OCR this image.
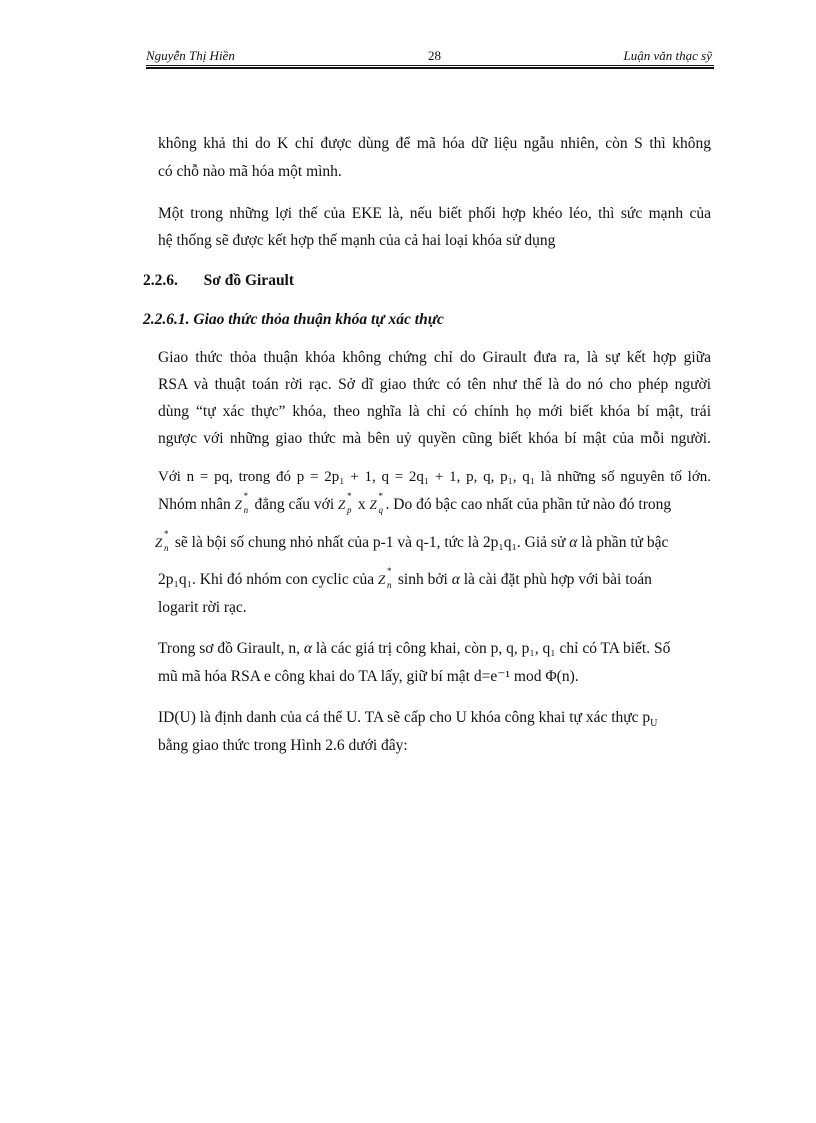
Nguyễn Thị Hiền	28	Luận văn thạc sỹ
không khả thi do K chỉ được dùng để mã hóa dữ liệu ngẫu nhiên, còn S thì không
có chỗ nào mã hóa một mình.
Một trong những lợi thế của EKE là, nếu biết phối hợp khéo léo, thì sức mạnh của
hệ thống sẽ được kết hợp thế mạnh của cả hai loại khóa sử dụng
2.2.6. Sơ đồ Girault
2.2.6.1. Giao thức thỏa thuận khóa tự xác thực
Giao thức thỏa thuận khóa không chứng chỉ do Girault đưa ra, là sự kết hợp giữa
RSA và thuật toán rời rạc. Sở dĩ giao thức có tên như thế là do nó cho phép người
dùng “tự xác thực” khóa, theo nghĩa là chỉ có chính họ mới biết khóa bí mật, trái
ngược với những giao thức mà bên uỷ quyền cũng biết khóa bí mật của mỗi người.
Với n = pq, trong đó p = 2p₁ + 1, q = 2q₁ + 1, p, q, p₁, q₁ là những số nguyên tố lớn.
Nhóm nhân Z
*
n đẳng cấu với Z
*
p x Z
*
q . Do đó bậc cao nhất của phần tử nào đó trong
Z
*
n sẽ là bội số chung nhỏ nhất của p-1 và q-1, tức là 2p₁q₁. Giả sử α là phần tử bậc
2p₁q₁. Khi đó nhóm con cyclic của Z
*
n sinh bởi α là cài đặt phù hợp với bài toán
logarit rời rạc.
Trong sơ đồ Girault, n, α là các giá trị công khai, còn p, q, p₁, q₁ chỉ có TA biết. Số
mũ mã hóa RSA e công khai do TA lấy, giữ bí mật d=e⁻¹ mod Φ(n).
ID(U) là định danh của cá thể U. TA sẽ cấp cho U khóa công khai tự xác thực $p_U$
bằng giao thức trong Hình 2.6 dưới đây:
